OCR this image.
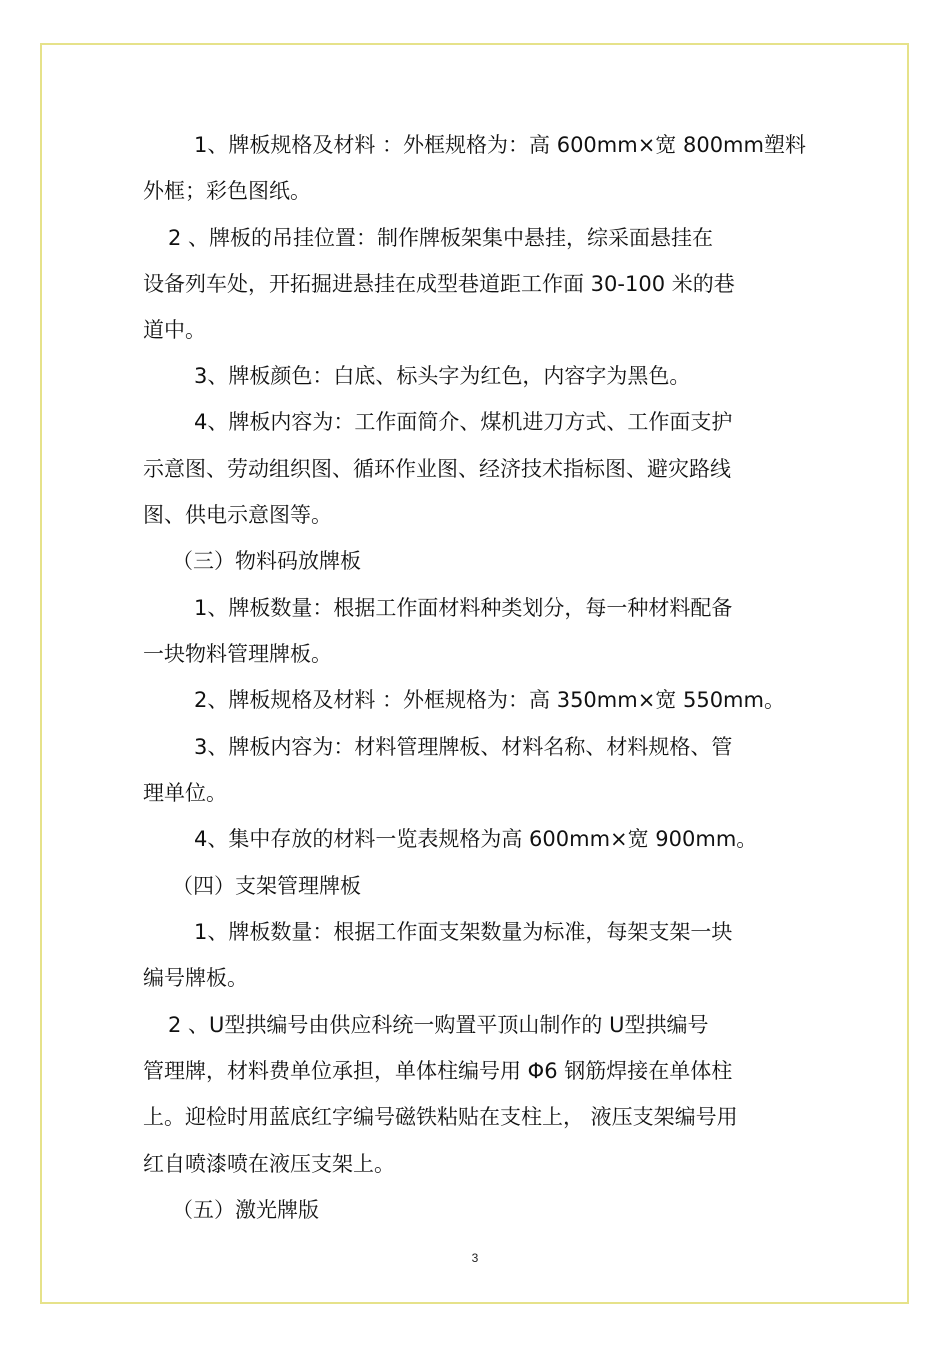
1、牌板规格及材料 ：外框规格为：高 600mm×宽 800mm塑料
外框；彩色图纸。
2 、牌板的吊挂位置：制作牌板架集中悬挂，综采面悬挂在
设备列车处，开拓掘进悬挂在成型巷道距工作面 30-100 米的巷
道中。
3、牌板颜色：白底、标头字为红色，内容字为黑色。
4、牌板内容为：工作面简介、煤机进刀方式、工作面支护
示意图、劳动组织图、循环作业图、经济技术指标图、避灾路线
图、供电示意图等。
（三）物料码放牌板
1、牌板数量：根据工作面材料种类划分，每一种材料配备
一块物料管理牌板。
2、牌板规格及材料 ：外框规格为：高 350mm×宽 550mm。
3、牌板内容为：材料管理牌板、材料名称、材料规格、管
理单位。
4、集中存放的材料一览表规格为高 600mm×宽 900mm。
（四）支架管理牌板
1、牌板数量：根据工作面支架数量为标准，每架支架一块
编号牌板。
2 、U型拱编号由供应科统一购置平顶山制作的 U型拱编号
管理牌，材料费单位承担，单体柱编号用 Φ6 钢筋焊接在单体柱
上。迎检时用蓝底红字编号磁铁粘贴在支柱上， 液压支架编号用
红自喷漆喷在液压支架上。
（五）激光牌版
3
